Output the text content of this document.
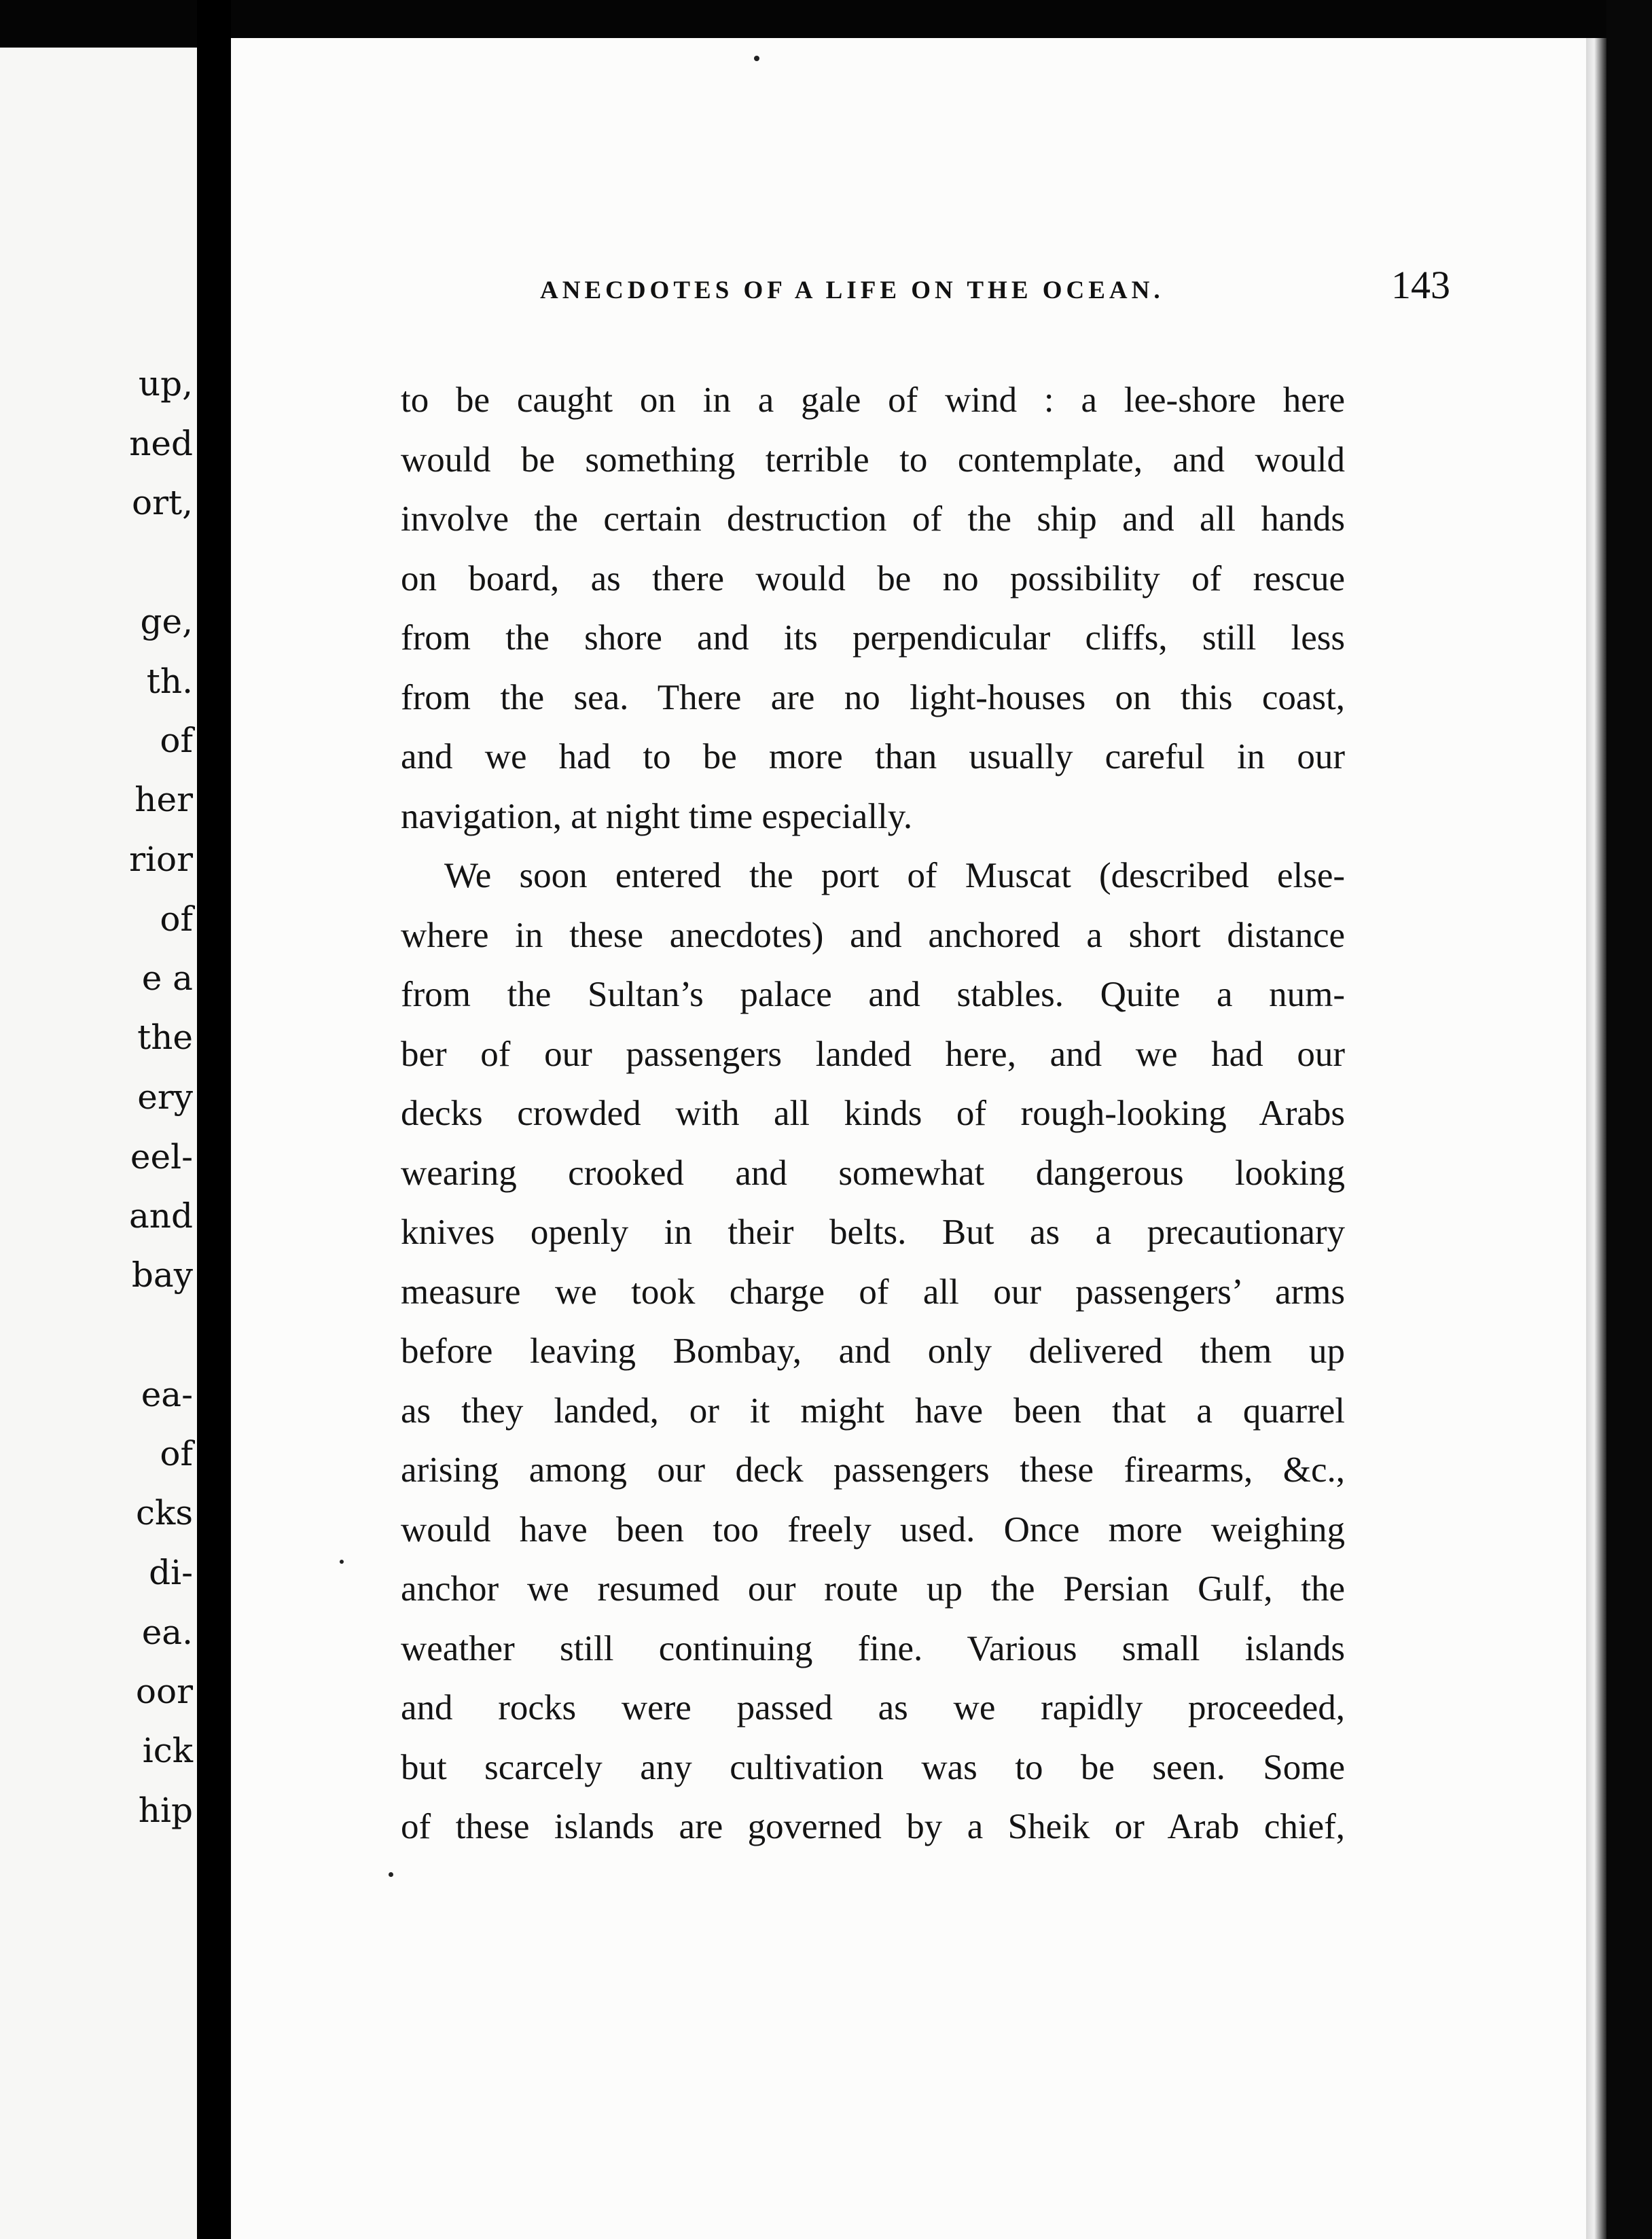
up,
ned
ort,
ge,
th.
of
her
rior
of
e a
the
ery
eel-
and
bay
ea-
of
cks
di-
ea.
oor
ick
hip
ANECDOTES OF A LIFE ON THE OCEAN.	143
to be caught on in a gale of wind : a lee-shore here
would be something terrible to contemplate, and would
involve the certain destruction of the ship and all hands
on board, as there would be no possibility of rescue
from the shore and its perpendicular cliffs, still less
from the sea. There are no light-houses on this coast,
and we had to be more than usually careful in our
navigation, at night time especially.
We soon entered the port of Muscat (described else-
where in these anecdotes) and anchored a short distance
from the Sultan’s palace and stables. Quite a num-
ber of our passengers landed here, and we had our
decks crowded with all kinds of rough-looking Arabs
wearing crooked and somewhat dangerous looking
knives openly in their belts. But as a precautionary
measure we took charge of all our passengers’ arms
before leaving Bombay, and only delivered them up
as they landed, or it might have been that a quarrel
arising among our deck passengers these firearms, &c.,
would have been too freely used. Once more weighing
anchor we resumed our route up the Persian Gulf, the
weather still continuing fine. Various small islands
and rocks were passed as we rapidly proceeded,
but scarcely any cultivation was to be seen. Some
of these islands are governed by a Sheik or Arab chief,
